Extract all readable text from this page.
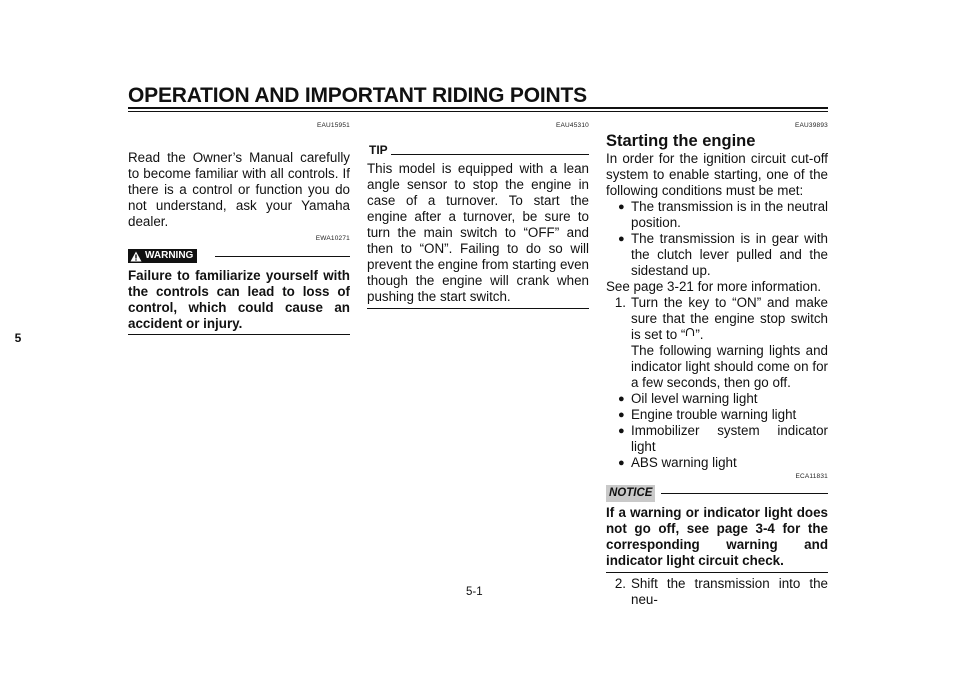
OPERATION AND IMPORTANT RIDING POINTS
5
EAU15951
Read the Owner’s Manual carefully to become familiar with all controls. If there is a control or function you do not understand, ask your Yamaha dealer.
EWA10271
WARNING
Failure to familiarize yourself with the controls can lead to loss of control, which could cause an accident or injury.
EAU45310
TIP
This model is equipped with a lean angle sensor to stop the engine in case of a turnover. To start the engine after a turnover, be sure to turn the main switch to “OFF” and then to “ON”. Failing to do so will prevent the engine from starting even though the engine will crank when pushing the start switch.
EAU39893
Starting the engine
In order for the ignition circuit cut-off system to enable starting, one of the following conditions must be met:
● The transmission is in the neutral position.
● The transmission is in gear with the clutch lever pulled and the sidestand up.
See page 3-21 for more information.
1. Turn the key to “ON” and make sure that the engine stop switch is set to “ ”.
The following warning lights and indicator light should come on for a few seconds, then go off.
● Oil level warning light
● Engine trouble warning light
● Immobilizer system indicator light
● ABS warning light
ECA11831
NOTICE
If a warning or indicator light does not go off, see page 3-4 for the corresponding warning and indicator light circuit check.
2. Shift the transmission into the neu-
5-1
